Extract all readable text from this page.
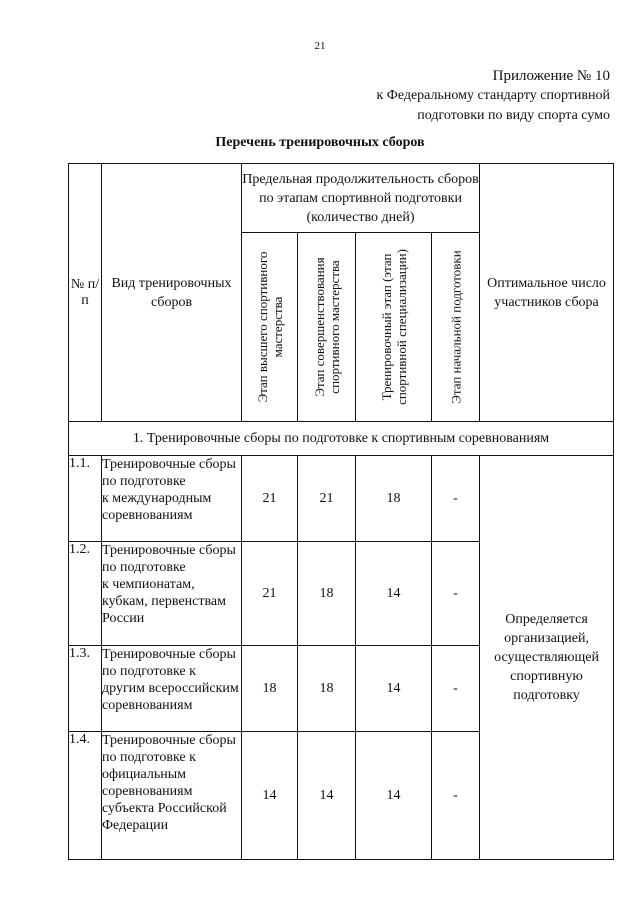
21
Приложение № 10
к Федеральному стандарту спортивной
подготовки по виду спорта сумо
Перечень тренировочных сборов
№ п/п	Вид тренировочных сборов	Предельная продолжительность сборов по этапам спортивной подготовки (количество дней)				Оптимальное число участников сбора

		Этап высшего спортивного мастерства	Этап совершенствования спортивного мастерства	Тренировочный этап (этап спортивной специализации)	Этап начальной подготовки	

1. Тренировочные сборы по подготовке к спортивным соревнованиям						
1.1.	Тренировочные сборы
по подготовке
к международным соревнованиям	21	21	18	-	Определяется организацией, осуществляющей спортивную подготовку
1.2.	Тренировочные сборы
по подготовке
к чемпионатам, кубкам, первенствам России	21	18	14	-	
1.3.	Тренировочные сборы по подготовке к другим всероссийским соревнованиям	18	18	14	-	
1.4.	Тренировочные сборы по подготовке к официальным соревнованиям субъекта Российской Федерации	14	14	14	-	
